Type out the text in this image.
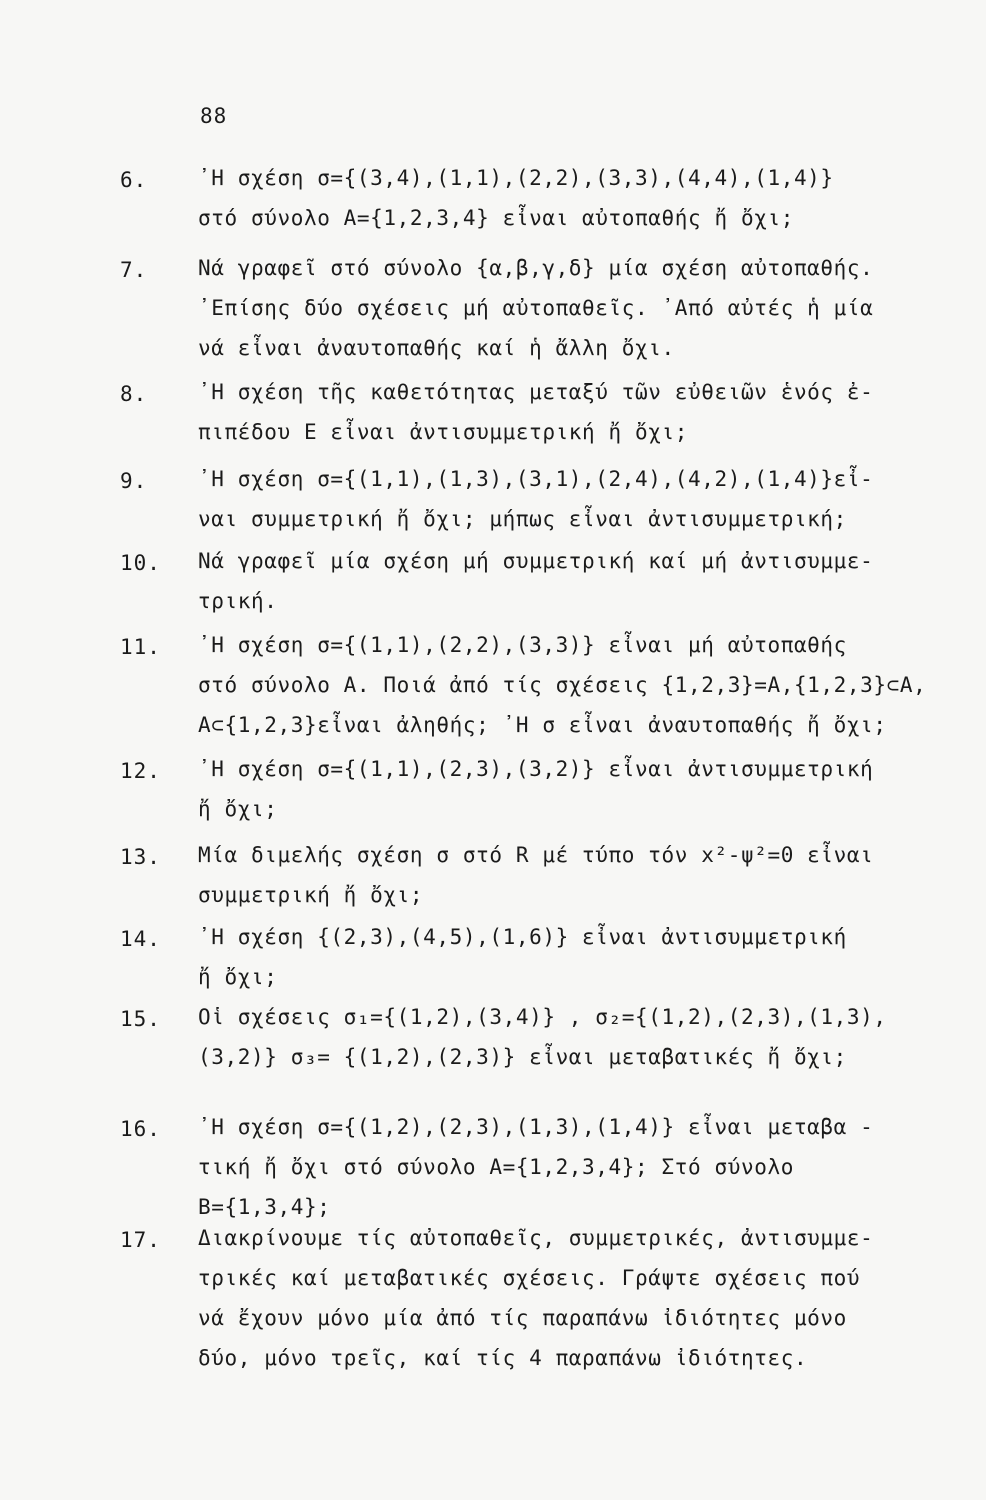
88
6. ᾿Η σχέση σ={(3,4),(1,1),(2,2),(3,3),(4,4),(1,4)}
στό σύνολο Α={1,2,3,4} εἶναι αὐτοπαθής ἤ ὄχι;
7. Νά γραφεῖ στό σύνολο {α,β,γ,δ} μία σχέση αὐτοπαθής.
᾿Επίσης δύο σχέσεις μή αὐτοπαθεῖς. ᾿Από αὐτές ἡ μία
νά εἶναι ἀναυτοπαθής καί ἡ ἄλλη ὄχι.
8. ᾿Η σχέση τῆς καθετότητας μεταξύ τῶν εὐθειῶν ἑνός ἐ-
πιπέδου Ε εἶναι ἀντισυμμετρική ἤ ὄχι;
9. ᾿Η σχέση σ={(1,1),(1,3),(3,1),(2,4),(4,2),(1,4)}εἶ-
ναι συμμετρική ἤ ὄχι; μήπως εἶναι ἀντισυμμετρική;
10. Νά γραφεῖ μία σχέση μή συμμετρική καί μή ἀντισυμμε-
τρική.
11. ᾿Η σχέση σ={(1,1),(2,2),(3,3)} εἶναι μή αὐτοπαθής
στό σύνολο Α. Ποιά ἀπό τίς σχέσεις {1,2,3}=Α,{1,2,3}⊂Α,
Α⊂{1,2,3}εἶναι ἀληθής; ᾿Η σ εἶναι ἀναυτοπαθής ἤ ὄχι;
12. ᾿Η σχέση σ={(1,1),(2,3),(3,2)} εἶναι ἀντισυμμετρική
ἤ ὄχι;
13. Μία διμελής σχέση σ στό R μέ τύπο τόν x²-ψ²=0 εἶναι
συμμετρική ἤ ὄχι;
14. ᾿Η σχέση {(2,3),(4,5),(1,6)} εἶναι ἀντισυμμετρική
ἤ ὄχι;
15. Οἱ σχέσεις σ₁={(1,2),(3,4)} , σ₂={(1,2),(2,3),(1,3),
(3,2)} σ₃= {(1,2),(2,3)} εἶναι μεταβατικές ἤ ὄχι;
16. ᾿Η σχέση σ={(1,2),(2,3),(1,3),(1,4)} εἶναι μεταβα -
τική ἤ ὄχι στό σύνολο Α={1,2,3,4}; Στό σύνολο
Β={1,3,4};
17. Διακρίνουμε τίς αὐτοπαθεῖς, συμμετρικές, ἀντισυμμε-
τρικές καί μεταβατικές σχέσεις. Γράψτε σχέσεις πού
νά ἔχουν μόνο μία ἀπό τίς παραπάνω ἰδιότητες μόνο
δύο, μόνο τρεῖς, καί τίς 4 παραπάνω ἰδιότητες.
